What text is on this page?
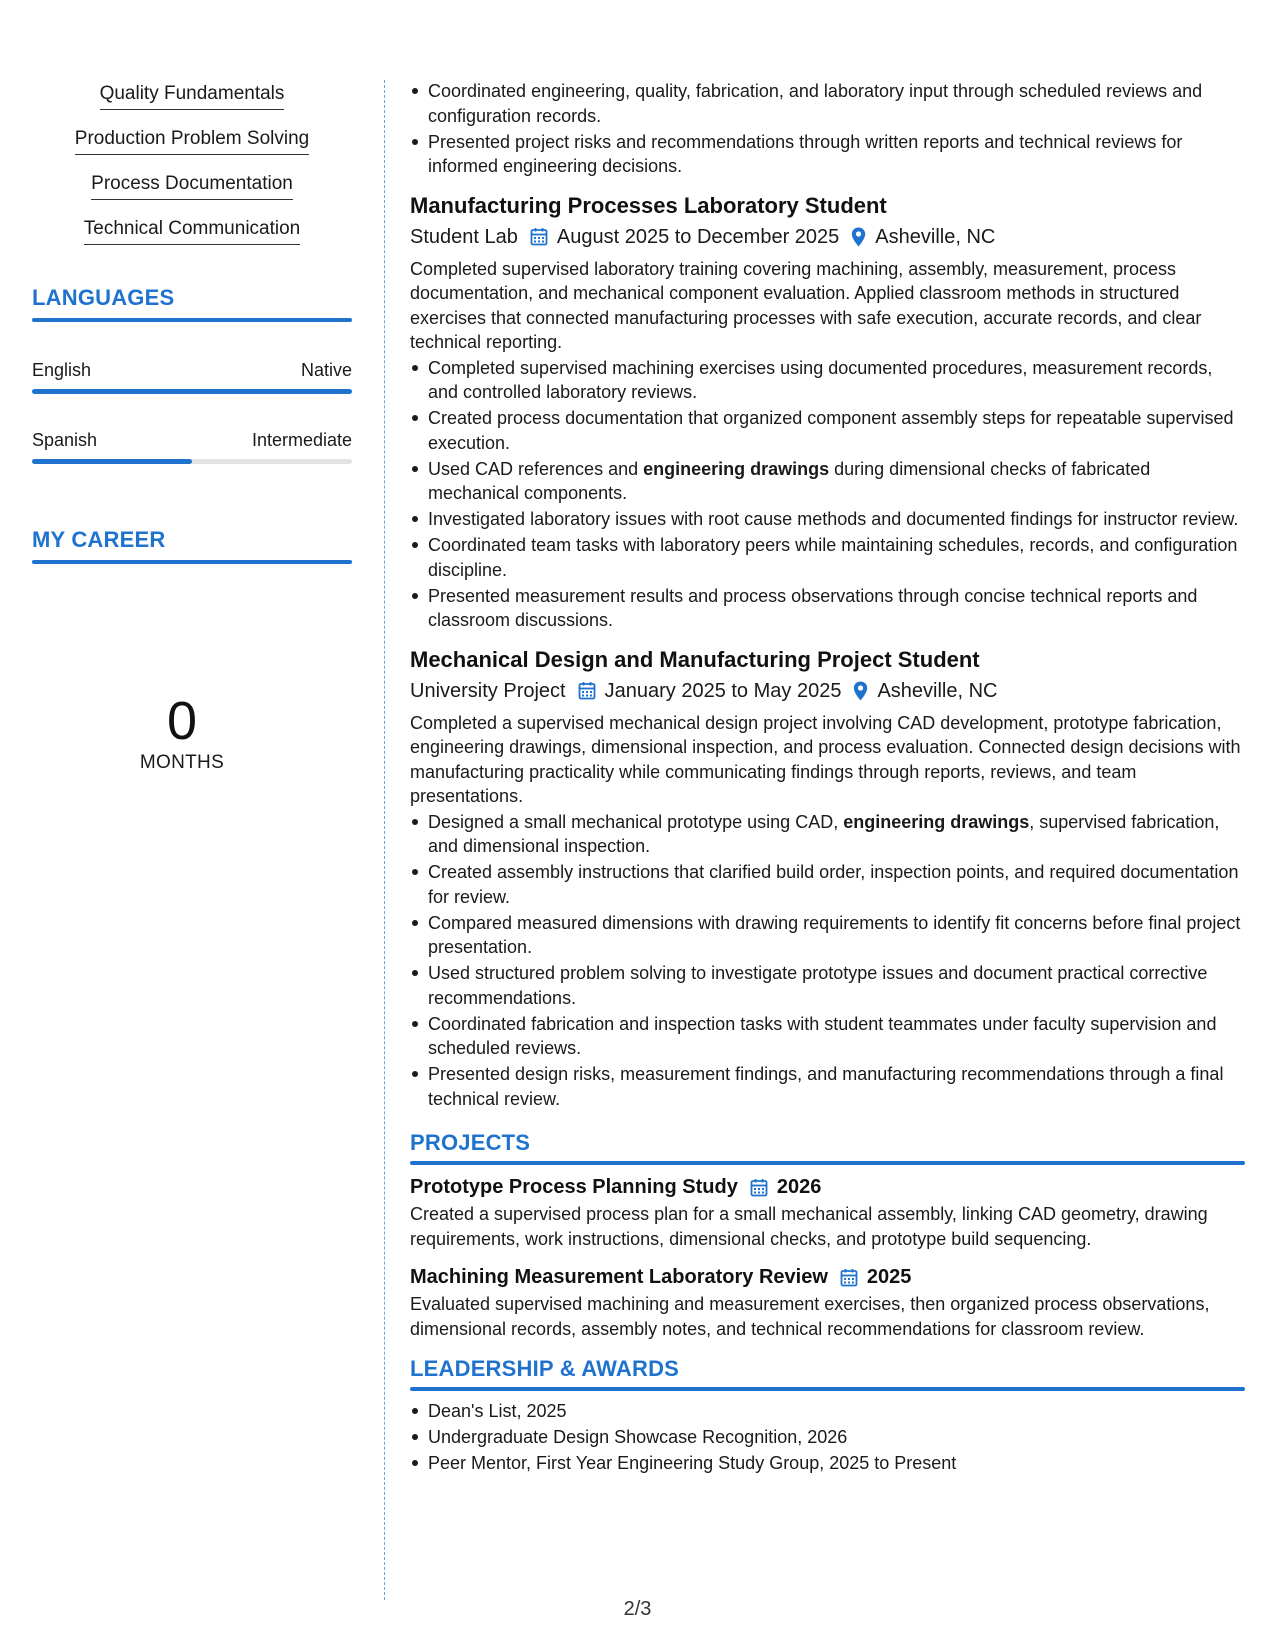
Quality Fundamentals
Production Problem Solving
Process Documentation
Technical Communication
LANGUAGES
English	Native
Spanish	Intermediate
MY CAREER
0
MONTHS
Coordinated engineering, quality, fabrication, and laboratory input through scheduled reviews and configuration records.
Presented project risks and recommendations through written reports and technical reviews for informed engineering decisions.
Manufacturing Processes Laboratory Student
Student Lab August 2025 to December 2025 Asheville, NC

Completed supervised laboratory training covering machining, assembly, measurement, process documentation, and mechanical component evaluation. Applied classroom methods in structured exercises that connected manufacturing processes with safe execution, accurate records, and clear technical reporting.

Completed supervised machining exercises using documented procedures, measurement records, and controlled laboratory reviews.
Created process documentation that organized component assembly steps for repeatable supervised execution.
Used CAD references and engineering drawings during dimensional checks of fabricated mechanical components.
Investigated laboratory issues with root cause methods and documented findings for instructor review.
Coordinated team tasks with laboratory peers while maintaining schedules, records, and configuration discipline.
Presented measurement results and process observations through concise technical reports and classroom discussions.
Mechanical Design and Manufacturing Project Student
University Project January 2025 to May 2025 Asheville, NC

Completed a supervised mechanical design project involving CAD development, prototype fabrication, engineering drawings, dimensional inspection, and process evaluation. Connected design decisions with manufacturing practicality while communicating findings through reports, reviews, and team presentations.

Designed a small mechanical prototype using CAD, engineering drawings, supervised fabrication, and dimensional inspection.
Created assembly instructions that clarified build order, inspection points, and required documentation for review.
Compared measured dimensions with drawing requirements to identify fit concerns before final project presentation.
Used structured problem solving to investigate prototype issues and document practical corrective recommendations.
Coordinated fabrication and inspection tasks with student teammates under faculty supervision and scheduled reviews.
Presented design risks, measurement findings, and manufacturing recommendations through a final technical review.
PROJECTS
Prototype Process Planning Study 2026

Created a supervised process plan for a small mechanical assembly, linking CAD geometry, drawing requirements, work instructions, dimensional checks, and prototype build sequencing.

Machining Measurement Laboratory Review 2025

Evaluated supervised machining and measurement exercises, then organized process observations, dimensional records, assembly notes, and technical recommendations for classroom review.

LEADERSHIP & AWARDS
Dean's List, 2025
Undergraduate Design Showcase Recognition, 2026
Peer Mentor, First Year Engineering Study Group, 2025 to Present
2/3
